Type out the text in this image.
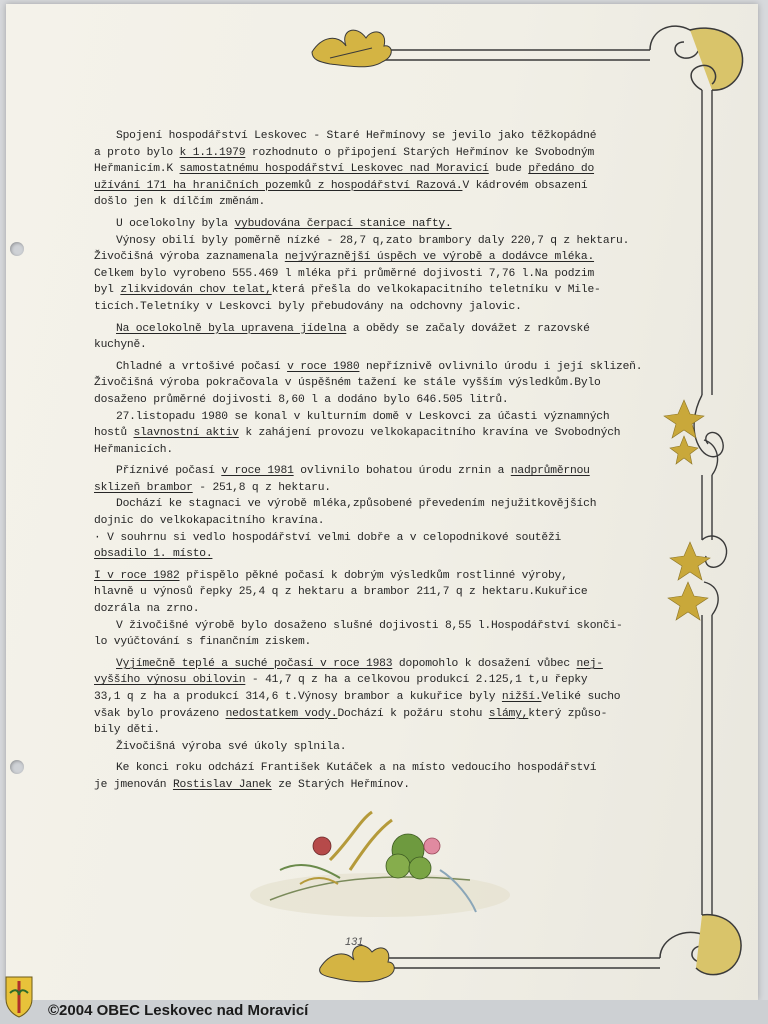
Spojení hospodářství Leskovec - Staré Heřmínovy se jevilo jako těžkopádné
a proto bylo k 1.1.1979 rozhodnuto o připojení Starých Heřmínov ke Svobodným
Heřmanicím.K samostatnému hospodářství Leskovec nad Moravicí bude předáno do
užívání 171 ha hraničních pozemků z hospodářství Razová.V kádrovém obsazení
došlo jen k dílčím změnám.
U ocelokolny byla vybudována čerpací stanice nafty.
Výnosy obilí byly poměrně nízké - 28,7 q,zato brambory daly 220,7 q z hektaru.
Živočišná výroba zaznamenala nejvýraznější úspěch ve výrobě a dodávce mléka.
Celkem bylo vyrobeno 555.469 l mléka při průměrné dojivosti 7,76 l.Na podzim
byl zlikvidován chov telat,která přešla do velkokapacitního teletníku v Mile-
ticích.Teletníky v Leskovci byly přebudovány na odchovny jalovic.
Na ocelokolně byla upravena jídelna a obědy se začaly dovážet z razovské
kuchyně.
Chladné a vrtošivé počasí v roce 1980 nepříznivě ovlivnilo úrodu i její sklizeň.
Živočišná výroba pokračovala v úspěšném tažení ke stále vyšším výsledkům.Bylo
dosaženo průměrné dojivosti 8,60 l a dodáno bylo 646.505 litrů.
27.listopadu 1980 se konal v kulturním domě v Leskovci za účasti významných
hostů slavnostní aktiv k zahájení provozu velkokapacitního kravína ve Svobodných
Heřmanicích.
Příznivé počasí v roce 1981 ovlivnilo bohatou úrodu zrnin a nadprůměrnou
sklizeň brambor - 251,8 q z hektaru.
Dochází ke stagnaci ve výrobě mléka,způsobené převedením nejužitkovějších
dojnic do velkokapacitního kravína.
· V souhrnu si vedlo hospodářství velmi dobře a v celopodnikové soutěži
obsadilo 1. místo.
I v roce 1982 přispělo pěkné počasí k dobrým výsledkům rostlinné výroby,
hlavně u výnosů řepky 25,4 q z hektaru a brambor 211,7 q z hektaru.Kukuřice
dozrála na zrno.
V živočišné výrobě bylo dosaženo slušné dojivosti 8,55 l.Hospodářství skonči-
lo vyúčtování s finančním ziskem.
Vyjímečně teplé a suché počasí v roce 1983 dopomohlo k dosažení vůbec nej-
vyššího výnosu obilovin - 41,7 q z ha a celkovou produkcí 2.125,1 t,u řepky
33,1 q z ha a produkcí 314,6 t.Výnosy brambor a kukuřice byly nižší.Veliké sucho
však bylo provázeno nedostatkem vody.Dochází k požáru stohu slámy,který způso-
bily děti.
Živočišná výroba své úkoly splnila.
Ke konci roku odchází František Kutáček a na místo vedoucího hospodářství
je jmenován Rostislav Janek ze Starých Heřmínov.
131
©2004 OBEC Leskovec nad Moravicí
